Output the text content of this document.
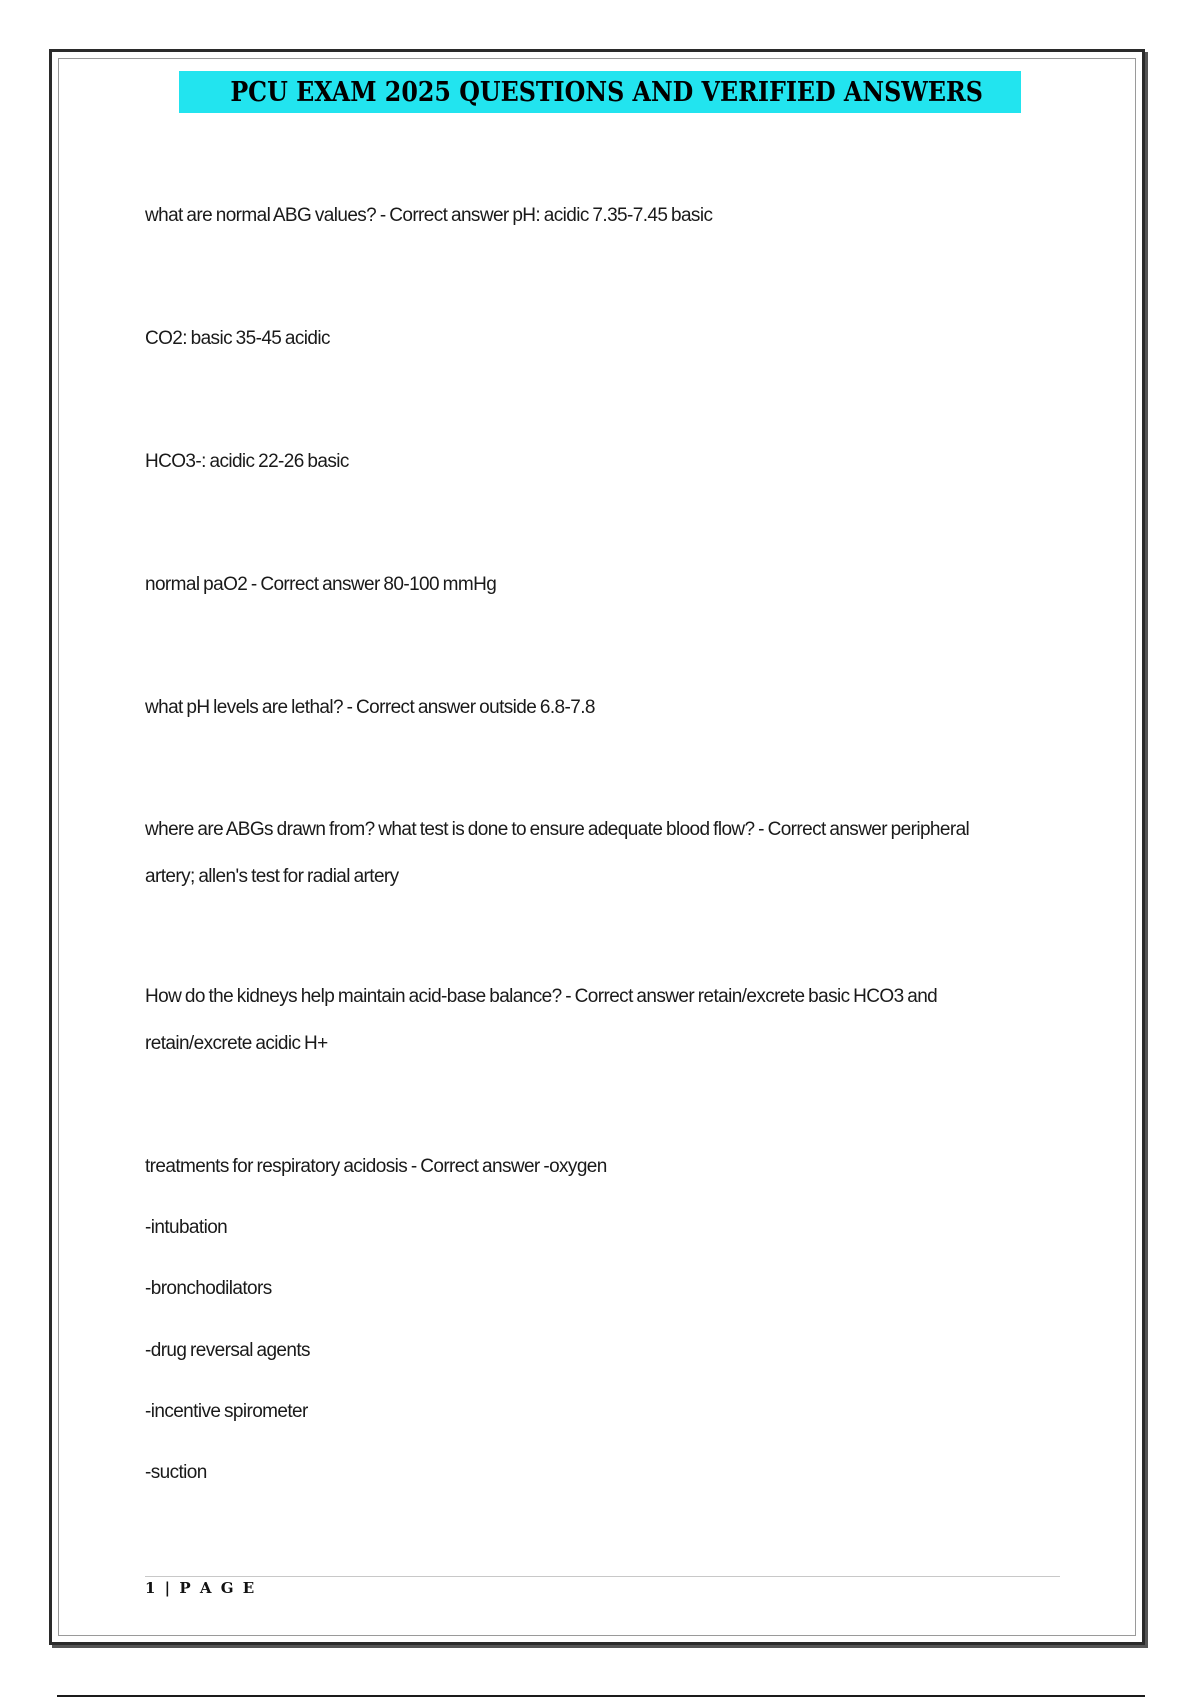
PCU EXAM 2025 QUESTIONS AND VERIFIED ANSWERS
what are normal ABG values? - Correct answer pH: acidic 7.35-7.45 basic
CO2: basic 35-45 acidic
HCO3-: acidic 22-26 basic
normal paO2 - Correct answer 80-100 mmHg
what pH levels are lethal? - Correct answer outside 6.8-7.8
where are ABGs drawn from? what test is done to ensure adequate blood flow? - Correct answer peripheral
artery; allen's test for radial artery
How do the kidneys help maintain acid-base balance? - Correct answer retain/excrete basic HCO3 and
retain/excrete acidic H+
treatments for respiratory acidosis - Correct answer -oxygen
-intubation
-bronchodilators
-drug reversal agents
-incentive spirometer
-suction
1 | P A G E
